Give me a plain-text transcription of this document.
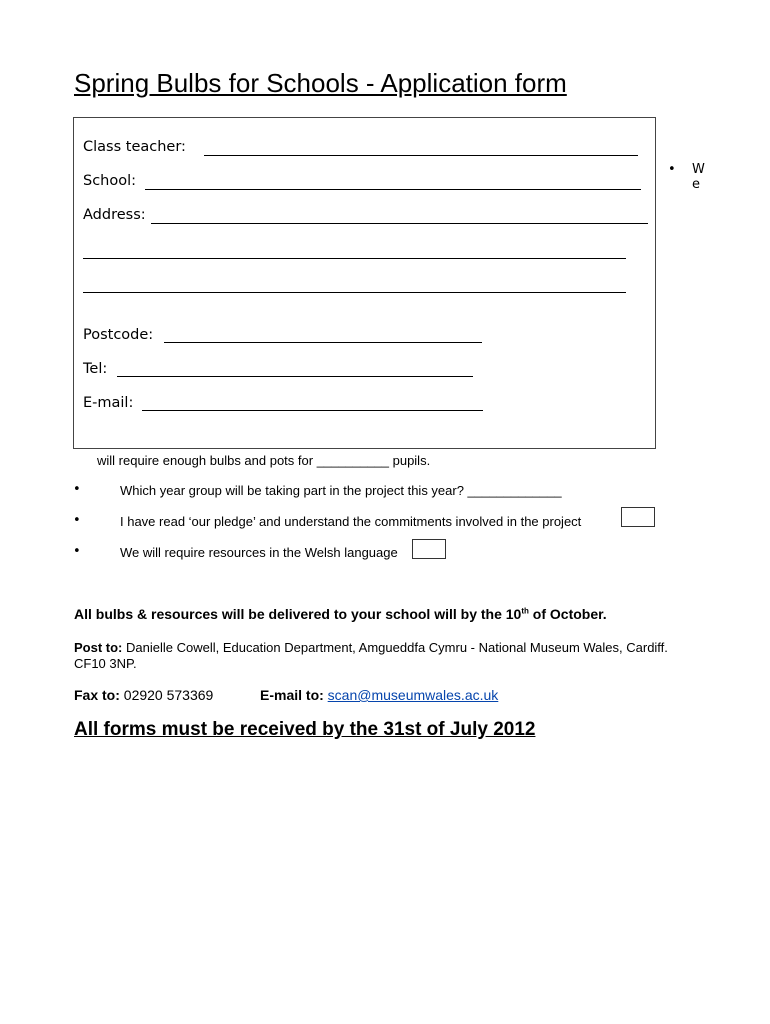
Spring Bulbs for Schools - Application form
Class teacher:
School:
Address:
Postcode:
Tel:
E-mail:
• We
will require enough bulbs and pots for __________ pupils.
•	Which year group will be taking part in the project this year? _____________
•	I have read ‘our pledge’ and understand the commitments involved in the project
•	We will require resources in the Welsh language
All bulbs & resources will be delivered to your school will by the 10th of October.
Post to: Danielle Cowell, Education Department, Amgueddfa Cymru - National Museum Wales, Cardiff. CF10 3NP.
Fax to: 02920 573369	E-mail to: scan@museumwales.ac.uk
All forms must be received by the 31st of July 2012
